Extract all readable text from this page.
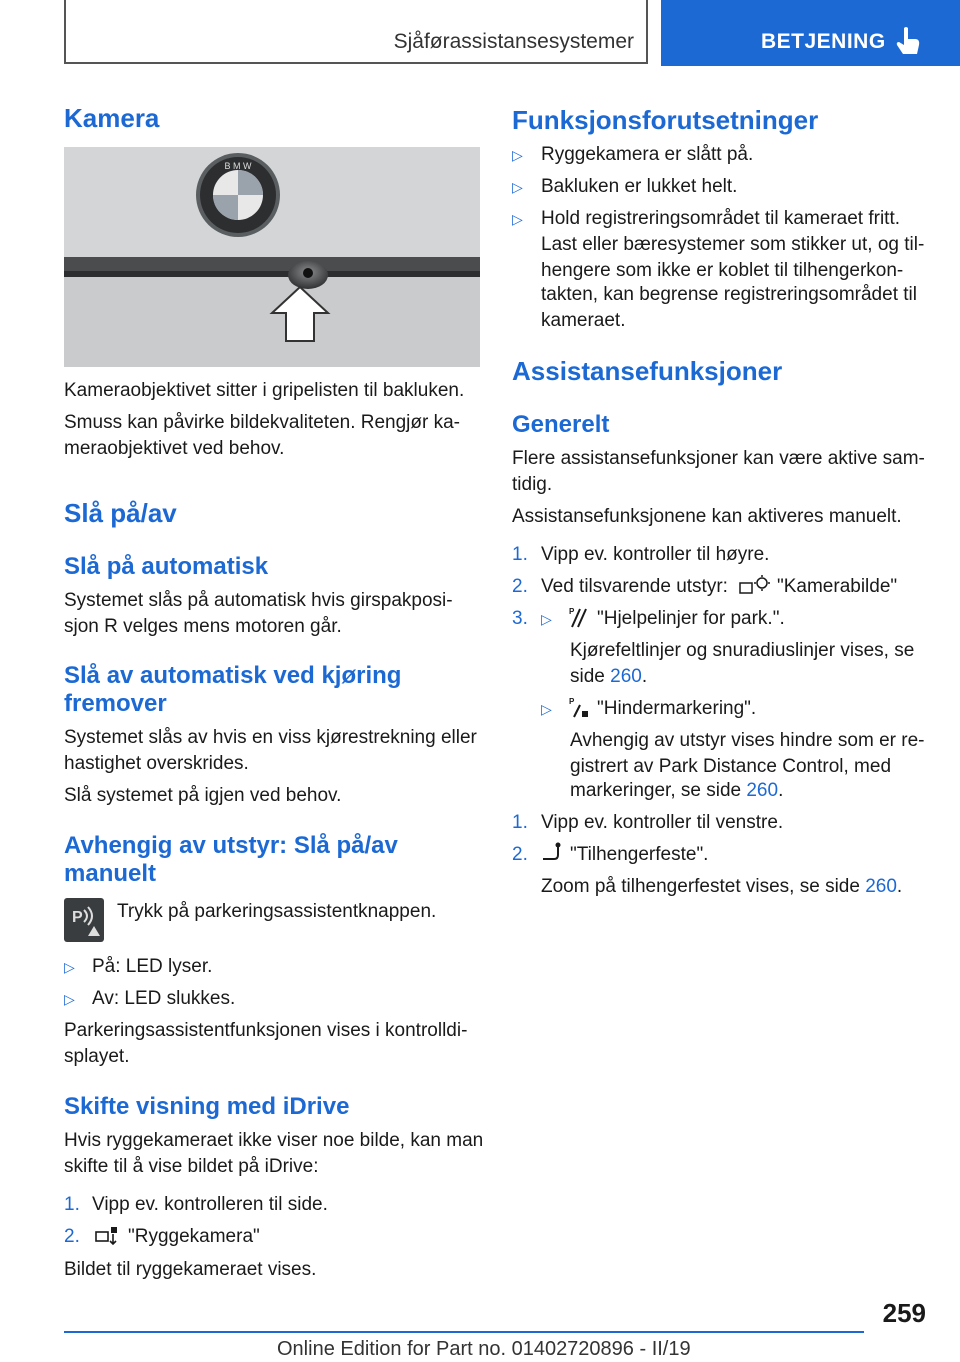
Sjåførassistansesystemer	BETJENING
Kamera
B M W
Kameraobjektivet sitter i gripelisten til bakluken.
Smuss kan påvirke bildekvaliteten. Rengjør ka-
meraobjektivet ved behov.
Slå på/av
Slå på automatisk
Systemet slås på automatisk hvis girspakposi-
sjon R velges mens motoren går.
Slå av automatisk ved kjøring
fremover
Systemet slås av hvis en viss kjørestrekning eller
hastighet overskrides.
Slå systemet på igjen ved behov.
Avhengig av utstyr: Slå på/av
manuelt
P Trykk på parkeringsassistentknappen.
▷ På: LED lyser.
▷ Av: LED slukkes.
Parkeringsassistentfunksjonen vises i kontrolldi-
splayet.
Skifte visning med iDrive
Hvis ryggekameraet ikke viser noe bilde, kan man
skifte til å vise bildet på iDrive:
1. Vipp ev. kontrolleren til side.
2.	"Ryggekamera"
Bildet til ryggekameraet vises.
Funksjonsforutsetninger
▷ Ryggekamera er slått på.
▷ Bakluken er lukket helt.
▷ Hold registreringsområdet til kameraet fritt.
Last eller bæresystemer som stikker ut, og til-
hengere som ikke er koblet til tilhengerkon-
takten, kan begrense registreringsområdet til
kameraet.
Assistansefunksjoner
Generelt
Flere assistansefunksjoner kan være aktive sam-
tidig.
Assistansefunksjonene kan aktiveres manuelt.
1. Vipp ev. kontroller til høyre.
2. Ved tilsvarende utstyr:	"Kamerabilde"
3. ▷ P "Hjelpelinjer for park.".
Kjørefeltlinjer og snuradiuslinjer vises, se
side 260.
▷ P "Hindermarkering".
Avhengig av utstyr vises hindre som er re-
gistrert av Park Distance Control, med
markeringer, se side 260.
1. Vipp ev. kontroller til venstre.
2. "Tilhengerfeste".
Zoom på tilhengerfestet vises, se side 260.
259
Online Edition for Part no. 01402720896 - II/19
